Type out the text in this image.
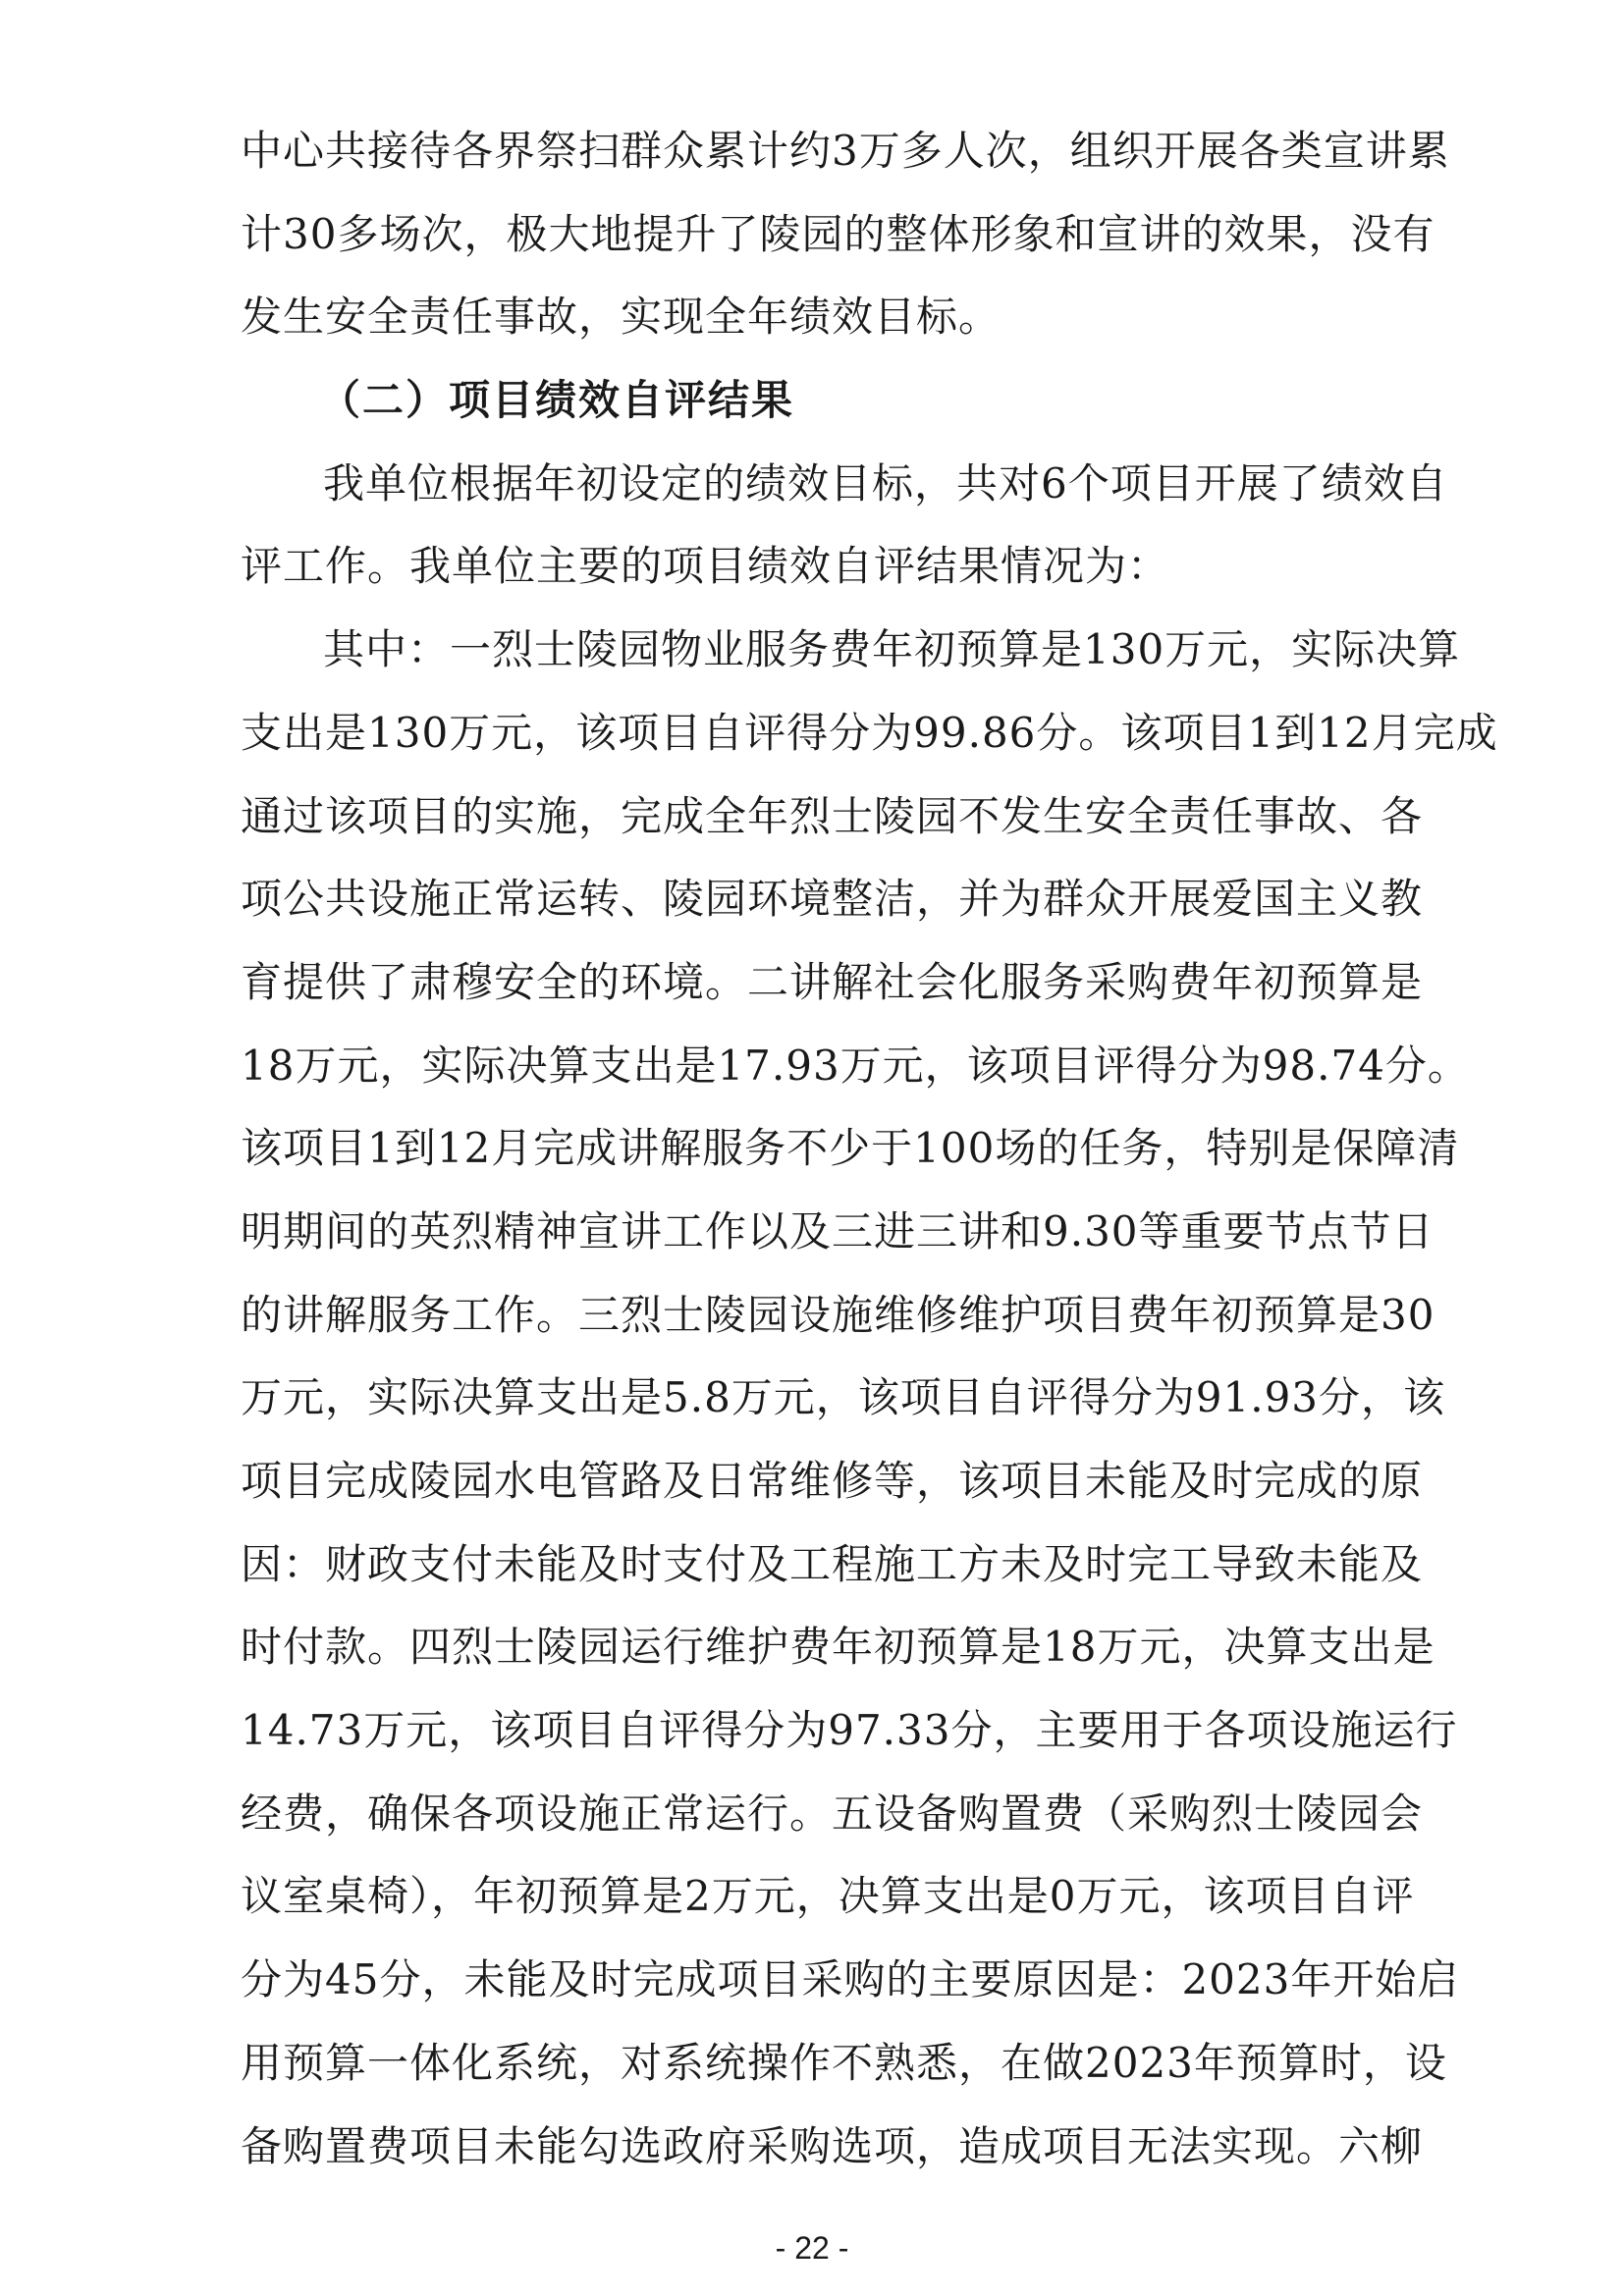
中心共接待各界祭扫群众累计约3万多人次，组织开展各类宣讲累
计30多场次，极大地提升了陵园的整体形象和宣讲的效果，没有
发生安全责任事故，实现全年绩效目标。
（二）项目绩效自评结果
我单位根据年初设定的绩效目标，共对6个项目开展了绩效自
评工作。我单位主要的项目绩效自评结果情况为：
其中：一烈士陵园物业服务费年初预算是130万元，实际决算
支出是130万元，该项目自评得分为99.86分。该项目1到12月完成
通过该项目的实施，完成全年烈士陵园不发生安全责任事故、各
项公共设施正常运转、陵园环境整洁，并为群众开展爱国主义教
育提供了肃穆安全的环境。二讲解社会化服务采购费年初预算是
18万元，实际决算支出是17.93万元，该项目评得分为98.74分。
该项目1到12月完成讲解服务不少于100场的任务，特别是保障清
明期间的英烈精神宣讲工作以及三进三讲和9.30等重要节点节日
的讲解服务工作。三烈士陵园设施维修维护项目费年初预算是30
万元，实际决算支出是5.8万元，该项目自评得分为91.93分，该
项目完成陵园水电管路及日常维修等，该项目未能及时完成的原
因：财政支付未能及时支付及工程施工方未及时完工导致未能及
时付款。四烈士陵园运行维护费年初预算是18万元，决算支出是
14.73万元，该项目自评得分为97.33分，主要用于各项设施运行
经费，确保各项设施正常运行。五设备购置费（采购烈士陵园会
议室桌椅），年初预算是2万元，决算支出是0万元，该项目自评
分为45分，未能及时完成项目采购的主要原因是：2023年开始启
用预算一体化系统，对系统操作不熟悉，在做2023年预算时，设
备购置费项目未能勾选政府采购选项，造成项目无法实现。六柳
- 22 -
